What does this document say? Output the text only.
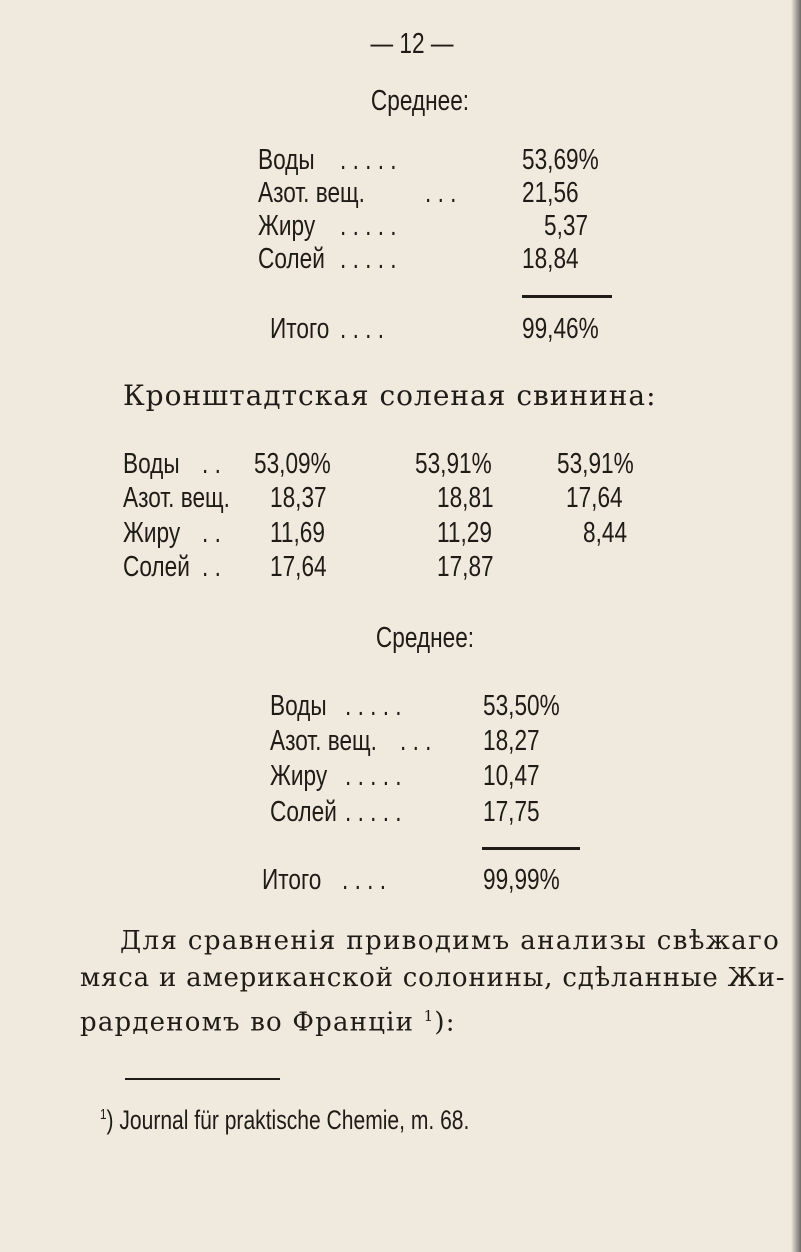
— 12 —
Среднее:
Воды . . . . .	53,69%
Азот. вещ. . . . 21,56
Жиру . . . . .	5,37
Солей . . . . .	18,84
Итого . . . .	99,46%
Кронштадтская соленая свинина:
Воды . . 53,09%	53,91% 53,91%
Азот. вещ. 18,37	18,81 17,64
Жиру . . 11,69	11,29	8,44
Солей . . 17,64	17,87
Среднее:
Воды . . . . .	53,50%
Азот. вещ. . . . 18,27
Жиру . . . . .	10,47
Солей . . . . .	17,75
Итого . . . .	99,99%
Для сравненія приводимъ анализы свѣжаго
мяса и американской солонины, сдѣланные Жи-
рарденомъ во Франціи $^1$):
$^1$) Journal für praktische Chemie, m. 68.
